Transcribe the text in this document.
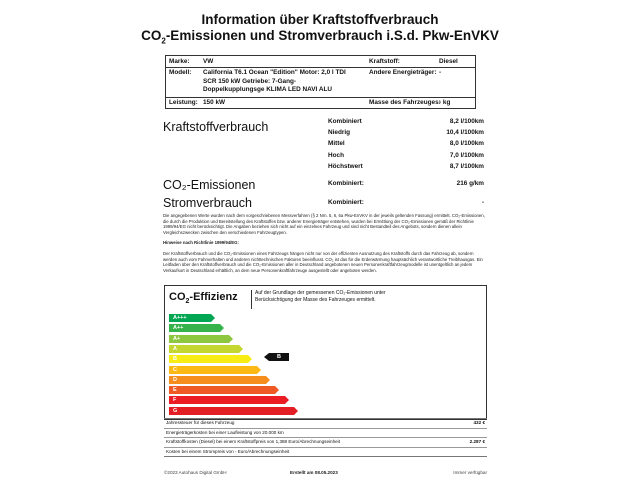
Information über Kraftstoffverbrauch
$CO_2$-Emissionen und Stromverbrauch i.S.d. Pkw-EnVKV
Marke: VW	Kraftstoff:	Diesel
Modell: California T6.1 Ocean "Edition" Motor: 2,0 l TDI SCR 150 kW Getriebe: 7-Gang-Doppelkupplungsge KLIMA LED NAVI ALU
Andere Energieträger: -
Leistung: 150 kW	Masse des Fahrzeuges:
- kg
Kraftstoffverbrauch	Kombiniert	8,2 l/100km
Niedrig	10,4 l/100km
Mittel	8,0 l/100km
Hoch	7,0 l/100km
Höchstwert	8,7 l/100km
CO₂-Emissionen	Kombiniert:	216 g/km
Stromverbrauch	Kombiniert:	-
Die angegebenen Werte wurden nach dem vorgeschriebenen Messverfahren (§ 2 Nrn. 5, 6, 6a Pkw-EnVKV in der jeweils geltenden Fassung) ermittelt. CO₂-Emissionen, die durch die Produktion und Bereitstellung des Kraftstoffes bzw. anderer Energieträger entstehen, wurden bei Ermittlung der CO₂-Emissionen gemäß der Richtlinie 1999/94/EG nicht berücksichtigt. Die Angaben beziehen sich nicht auf ein einzelnes Fahrzeug und sind nicht Bestandteil des Angebots, sondern dienen allein Vergleichszwecken zwischen den verschiedenen Fahrzeugtypen.
Hinweise nach Richtlinie 1999/94/EG:
Der Kraftstoffverbrauch und die CO₂-Emissionen eines Fahrzeugs hängen nicht nur von der effizienten Ausnutzung des Kraftstoffs durch das Fahrzeug ab, sondern werden auch vom Fahrverhalten und anderen nichttechnischen Faktoren beeinflusst. CO₂ ist das für die Erderwärmung hauptsächlich verantwortliche Treibhausgas. Ein Leitfaden über den Kraftstoffverbrauch und die CO₂-Emissionen aller in Deutschland angebotenen neuen Personenkraftfahrzeugmodelle ist unentgeltlich an jedem Verkaufsort in Deutschland erhältlich, an dem neue Personenkraftfahrzeuge ausgestellt oder angeboten werden.
$CO_2$-Effizienz	Auf der Grundlage der gemessenen CO₂-Emissionen unter Berücksichtigung der Masse des Fahrzeuges ermittelt.
A+++
A++
A+
A
B
C
D
E
F
G
B
Jahressteuer für dieses Fahrzeug	432 €
Energieträgerkosten bei einer Laufleistung von 20.000 km
Kraftstoffkosten (Diesel) bei einem Kraftstoffpreis von 1,388 Euro/Abrechnungseinheit	2.287 €
Kosten bei einem Strompreis von - Euro/Abrechnungseinheit
©2023 Autohaus Digital GmbH	Erstellt am 08.05.2023	Immer verfügbar
